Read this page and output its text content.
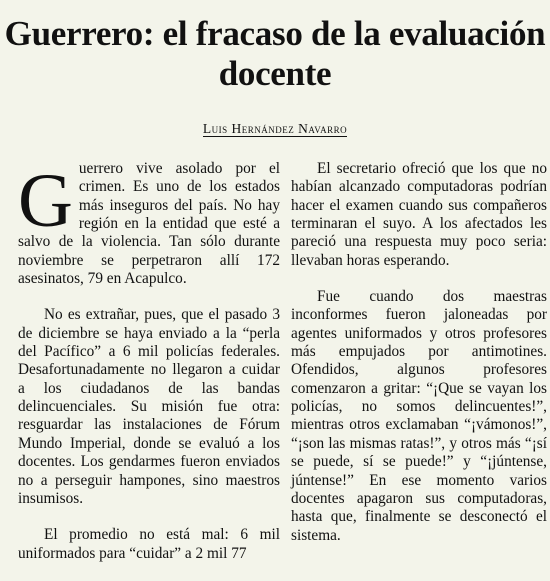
Guerrero: el fracaso de la evaluación docente
Luis Hernández Navarro

Guerrero vive asolado por el crimen. Es uno de los estados más inseguros del país. No hay región en la entidad que esté a salvo de la violencia. Tan sólo durante noviembre se perpetraron allí 172 asesinatos, 79 en Acapulco.

No es extrañar, pues, que el pasado 3 de diciembre se haya enviado a la “perla del Pacífico” a 6 mil policías federales. Desafortunadamente no llegaron a cuidar a los ciudadanos de las bandas delincuenciales. Su misión fue otra: resguardar las instalaciones de Fórum Mundo Imperial, donde se evaluó a los docentes. Los gendarmes fueron enviados no a perseguir hampones, sino maestros insumisos.

El promedio no está mal: 6 mil uniformados para “cuidar” a 2 mil 77

El secretario ofreció que los que no habían alcanzado computadoras podrían hacer el examen cuando sus compañeros terminaran el suyo. A los afectados les pareció una respuesta muy poco seria: llevaban horas esperando.

Fue cuando dos maestras inconformes fueron jaloneadas por agentes uniformados y otros profesores más empujados por antimotines. Ofendidos, algunos profesores comenzaron a gritar: “¡Que se vayan los policías, no somos delincuentes!”, mientras otros exclamaban “¡vámonos!”, “¡son las mismas ratas!”, y otros más “¡sí se puede, sí se puede!” y “¡júntense, júntense!” En ese momento varios docentes apagaron sus computadoras, hasta que, finalmente se desconectó el sistema.
